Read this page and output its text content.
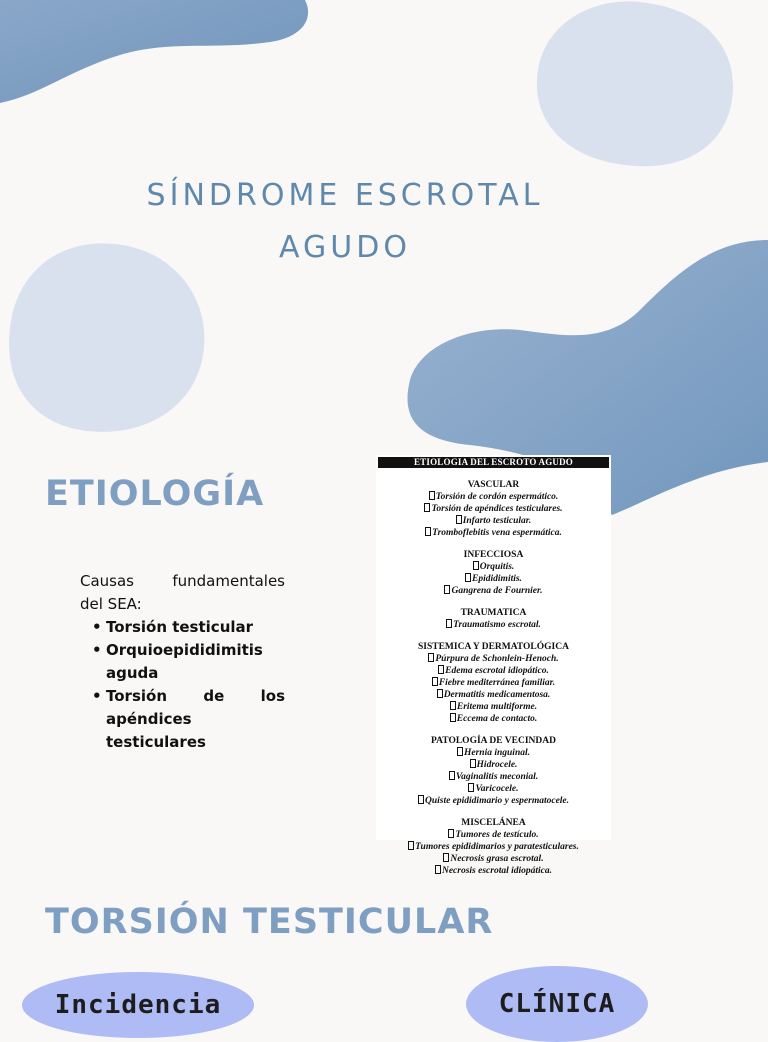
SÍNDROME ESCROTAL
AGUDO
ETIOLOGÍA
Causas fundamentales
del SEA:
• Torsión testicular
• Orquioepididimitis
aguda
• Torsión de los
apéndices
testiculares
ETIOLOGIA DEL ESCROTO AGUDO
VASCULAR
Torsión de cordón espermático.
Torsión de apéndices testiculares.
Infarto testicular.
Tromboflebitis vena espermática.
INFECCIOSA
Orquitis.
Epididimitis.
Gangrena de Fournier.
TRAUMATICA
Traumatismo escrotal.
SISTEMICA Y DERMATOLÓGICA
Púrpura de Schonlein-Henoch.
Edema escrotal idiopático.
Fiebre mediterránea familiar.
Dermatitis medicamentosa.
Eritema multiforme.
Eccema de contacto.
PATOLOGÍA DE VECINDAD
Hernia inguinal.
Hidrocele.
Vaginalitis meconial.
Varicocele.
Quiste epididimario y espermatocele.
MISCELÁNEA
Tumores de testículo.
Tumores epididimarios y paratesticulares.
Necrosis grasa escrotal.
Necrosis escrotal idiopática.
TORSIÓN TESTICULAR
Incidencia	CLÍNICA
